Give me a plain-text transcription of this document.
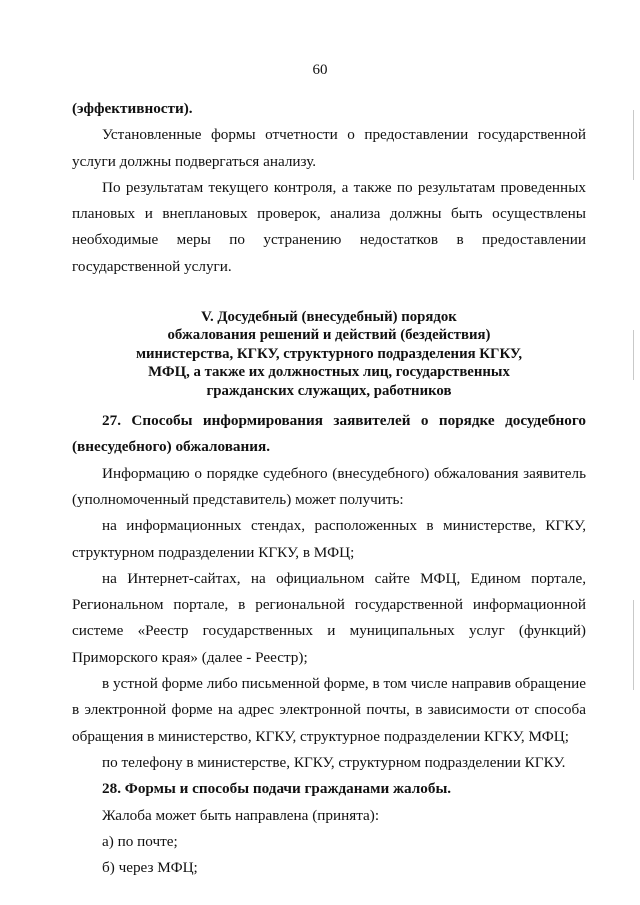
60
(эффективности).
Установленные формы отчетности о предоставлении государственной
услуги должны подвергаться анализу.
По результатам текущего контроля, а также по результатам проведенных
плановых и внеплановых проверок, анализа должны быть осуществлены
необходимые меры по устранению недостатков в предоставлении
государственной услуги.
V. Досудебный (внесудебный) порядок
обжалования решений и действий (бездействия)
министерства, КГКУ, структурного подразделения КГКУ,
МФЦ, а также их должностных лиц, государственных
гражданских служащих, работников
27. Способы информирования заявителей о порядке досудебного
(внесудебного) обжалования.
Информацию о порядке судебного (внесудебного) обжалования заявитель
(уполномоченный представитель) может получить:
на информационных стендах, расположенных в министерстве, КГКУ,
структурном подразделении КГКУ, в МФЦ;
на Интернет-сайтах, на официальном сайте МФЦ, Едином портале,
Региональном портале, в региональной государственной информационной
системе «Реестр государственных и муниципальных услуг (функций)
Приморского края» (далее - Реестр);
в устной форме либо письменной форме, в том числе направив обращение
в электронной форме на адрес электронной почты, в зависимости от способа
обращения в министерство, КГКУ, структурное подразделении КГКУ, МФЦ;
по телефону в министерстве, КГКУ, структурном подразделении КГКУ.
28. Формы и способы подачи гражданами жалобы.
Жалоба может быть направлена (принята):
а) по почте;
б) через МФЦ;
